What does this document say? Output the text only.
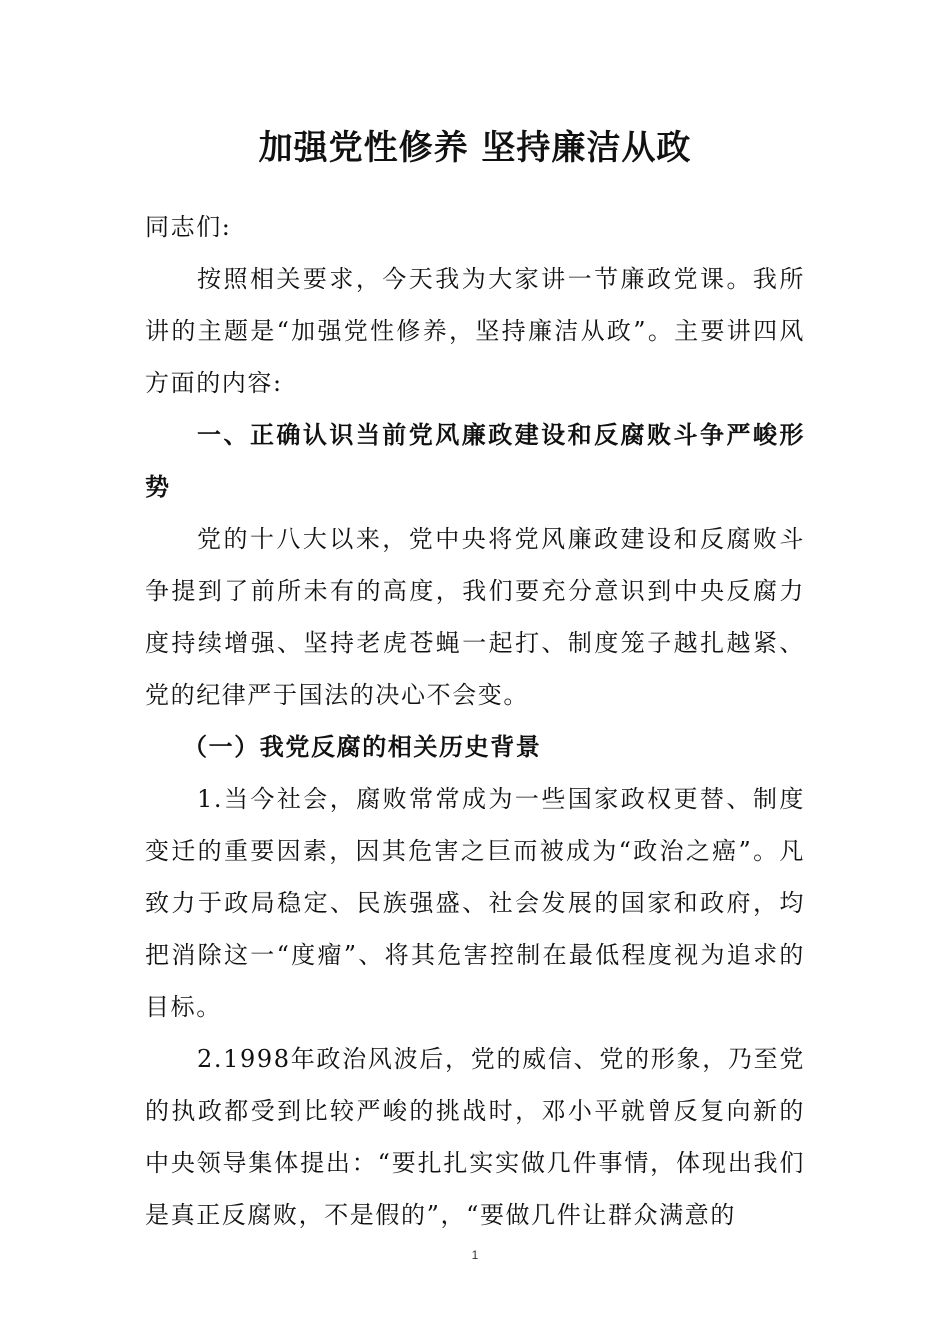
加强党性修养 坚持廉洁从政

同志们:

按照相关要求，今天我为大家讲一节廉政党课。我所讲的主题是“加强党性修养，坚持廉洁从政”。主要讲四风方面的内容:

一、正确认识当前党风廉政建设和反腐败斗争严峻形势

党的十八大以来，党中央将党风廉政建设和反腐败斗争提到了前所未有的高度，我们要充分意识到中央反腐力度持续增强、坚持老虎苍蝇一起打、制度笼子越扎越紧、党的纪律严于国法的决心不会变。

（一）我党反腐的相关历史背景

1.当今社会，腐败常常成为一些国家政权更替、制度变迁的重要因素，因其危害之巨而被成为“政治之癌”。凡致力于政局稳定、民族强盛、社会发展的国家和政府，均把消除这一“度瘤”、将其危害控制在最低程度视为追求的目标。

2.1998年政治风波后，党的威信、党的形象，乃至党的执政都受到比较严峻的挑战时，邓小平就曾反复向新的中央领导集体提出：“要扎扎实实做几件事情，体现出我们是真正反腐败，不是假的”，“要做几件让群众满意的

1
